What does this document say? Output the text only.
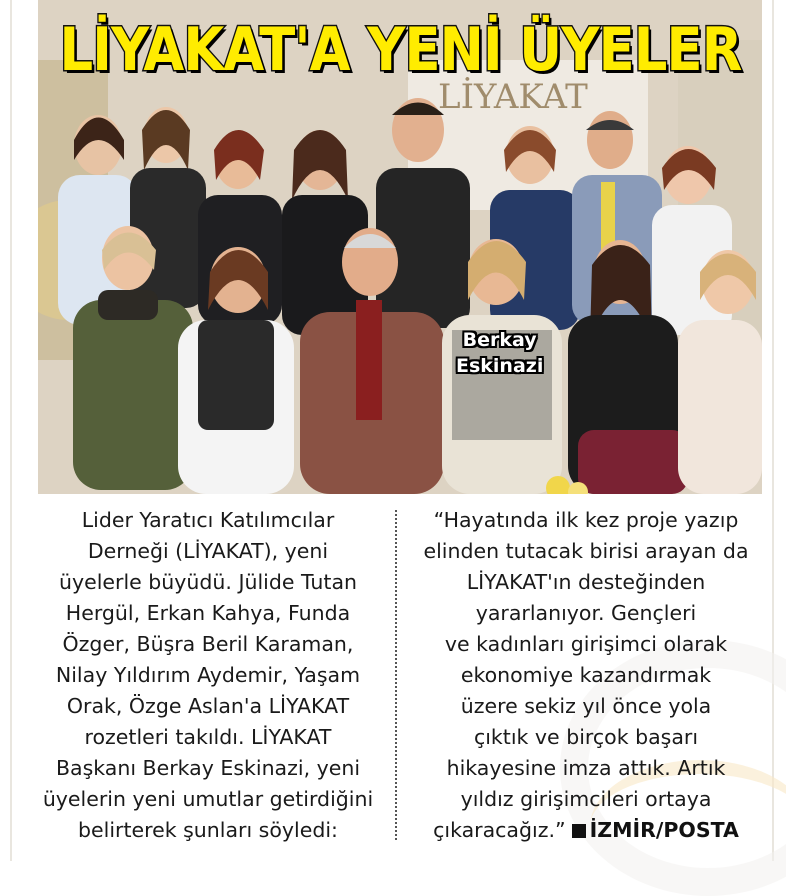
LİYAKAT
LİYAKAT'A YENİ ÜYELER
Berkay
Eskinazi
Lider Yaratıcı Katılımcılar
Derneği (LİYAKAT), yeni
üyelerle büyüdü. Jülide Tutan
Hergül, Erkan Kahya, Funda
Özger, Büşra Beril Karaman,
Nilay Yıldırım Aydemir, Yaşam
Orak, Özge Aslan'a LİYAKAT
rozetleri takıldı. LİYAKAT
Başkanı Berkay Eskinazi, yeni
üyelerin yeni umutlar getirdiğini
belirterek şunları söyledi:
“Hayatında ilk kez proje yazıp
elinden tutacak birisi arayan da
LİYAKAT'ın desteğinden
yararlanıyor. Gençleri
ve kadınları girişimci olarak
ekonomiye kazandırmak
üzere sekiz yıl önce yola
çıktık ve birçok başarı
hikayesine imza attık. Artık
yıldız girişimcileri ortaya
çıkaracağız.” İZMİR/POSTA
